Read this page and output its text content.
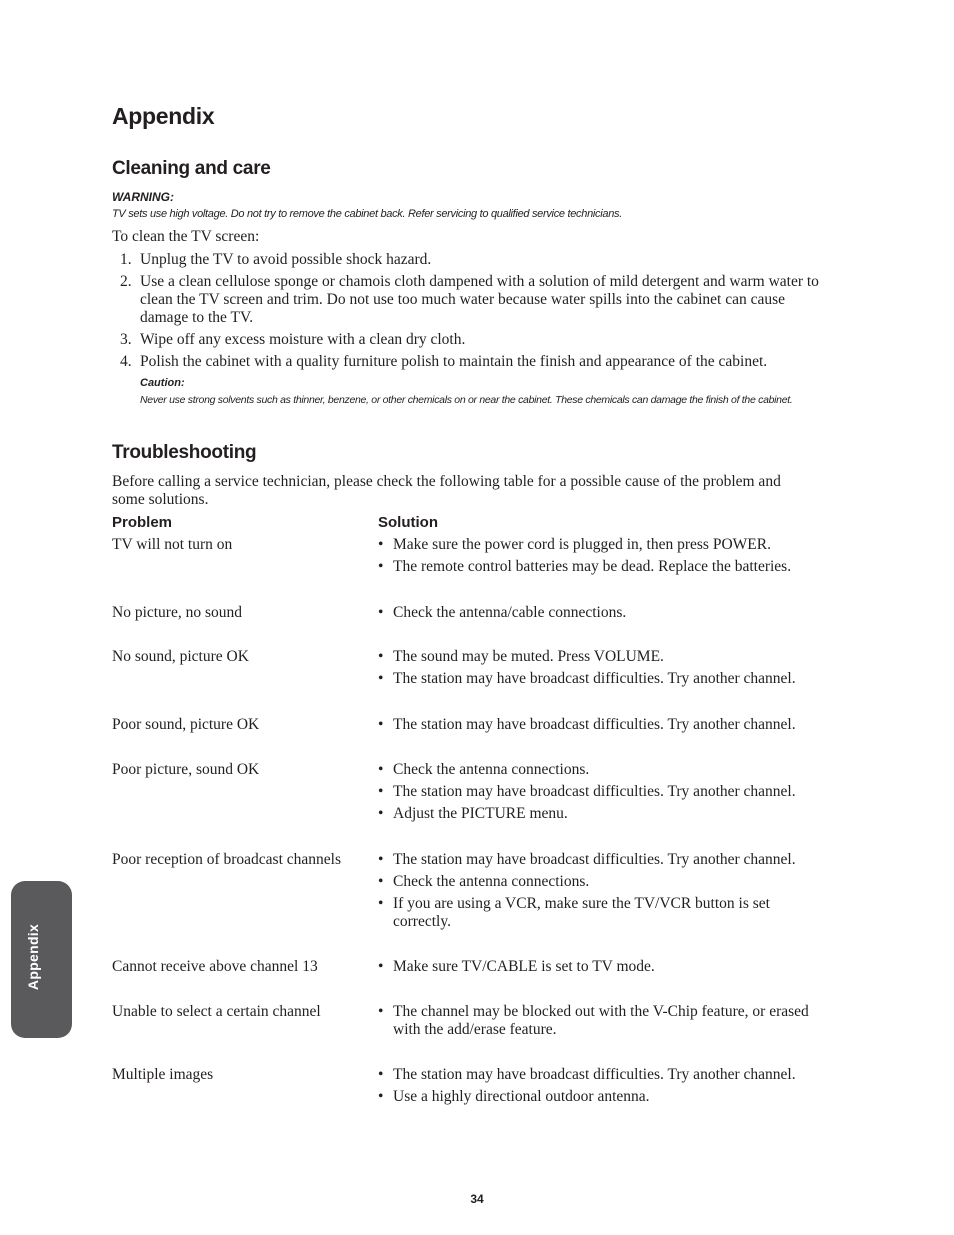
Appendix
Cleaning and care
WARNING:
TV sets use high voltage. Do not try to remove the cabinet back. Refer servicing to qualified service technicians.
To clean the TV screen:
1. Unplug the TV to avoid possible shock hazard.
2. Use a clean cellulose sponge or chamois cloth dampened with a solution of mild detergent and warm water to clean the TV screen and trim. Do not use too much water because water spills into the cabinet can cause damage to the TV.
3. Wipe off any excess moisture with a clean dry cloth.
4. Polish the cabinet with a quality furniture polish to maintain the finish and appearance of the cabinet.
Caution:
Never use strong solvents such as thinner, benzene, or other chemicals on or near the cabinet. These chemicals can damage the finish of the cabinet.
Troubleshooting
Before calling a service technician, please check the following table for a possible cause of the problem and some solutions.
Problem	Solution
TV will not turn on	• Make sure the power cord is plugged in, then press POWER.
• The remote control batteries may be dead. Replace the batteries.
No picture, no sound	• Check the antenna/cable connections.
No sound, picture OK	• The sound may be muted. Press VOLUME.
• The station may have broadcast difficulties. Try another channel.
Poor sound, picture OK	• The station may have broadcast difficulties. Try another channel.
Poor picture, sound OK	• Check the antenna connections.
• The station may have broadcast difficulties. Try another channel.
• Adjust the PICTURE menu.
Poor reception of broadcast channels	• The station may have broadcast difficulties. Try another channel.
• Check the antenna connections.
• If you are using a VCR, make sure the TV/VCR button is set correctly.
Cannot receive above channel 13	• Make sure TV/CABLE is set to TV mode.
Unable to select a certain channel	• The channel may be blocked out with the V-Chip feature, or erased with the add/erase feature.
Multiple images	• The station may have broadcast difficulties. Try another channel.
• Use a highly directional outdoor antenna.
Appendix
34
